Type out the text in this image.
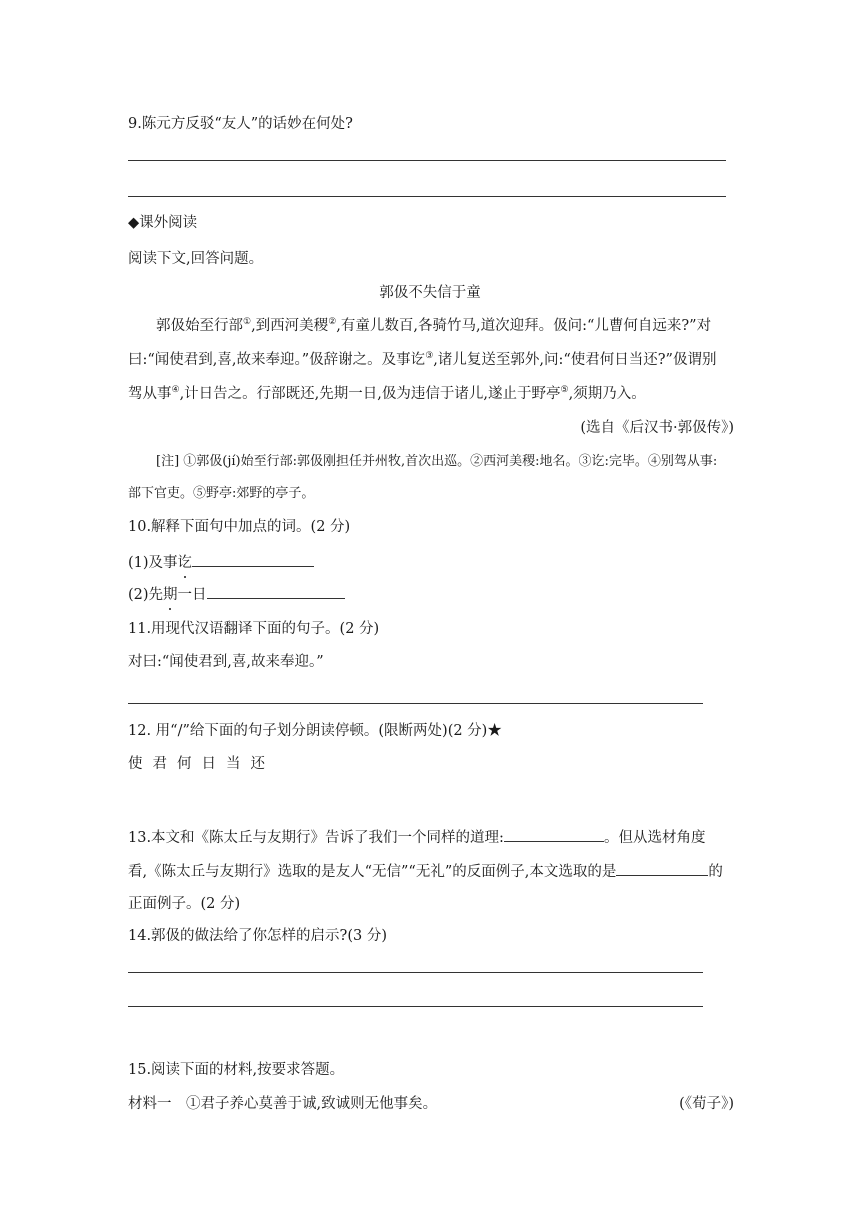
9.陈元方反驳“友人”的话妙在何处?
◆课外阅读
阅读下文,回答问题。
郭伋不失信于童
郭伋始至行部①,到西河美稷②,有童儿数百,各骑竹马,道次迎拜。伋问:“儿曹何自远来?”对
曰:“闻使君到,喜,故来奉迎。”伋辞谢之。及事讫③,诸儿复送至郭外,问:“使君何日当还?”伋谓别
驾从事④,计日告之。行部既还,先期一日,伋为违信于诸儿,遂止于野亭⑤,须期乃入。
(选自《后汉书·郭伋传》)
[注] ①郭伋(jí)始至行部:郭伋刚担任并州牧,首次出巡。②西河美稷:地名。③讫:完毕。④别驾从事:
部下官吏。⑤野亭:郊野的亭子。
10.解释下面句中加点的词。(2 分)
(1)及事讫
(2)先期一日
11.用现代汉语翻译下面的句子。(2 分)
对曰:“闻使君到,喜,故来奉迎。”
12. 用“/”给下面的句子划分朗读停顿。(限断两处)(2 分)★
使 君 何 日 当 还
13.本文和《陈太丘与友期行》告诉了我们一个同样的道理:	。但从选材角度
看,《陈太丘与友期行》选取的是友人“无信”“无礼”的反面例子,本文选取的是	的
正面例子。(2 分)
14.郭伋的做法给了你怎样的启示?(3 分)
15.阅读下面的材料,按要求答题。
材料一　①君子养心莫善于诚,致诚则无他事矣。	(《荀子》)
